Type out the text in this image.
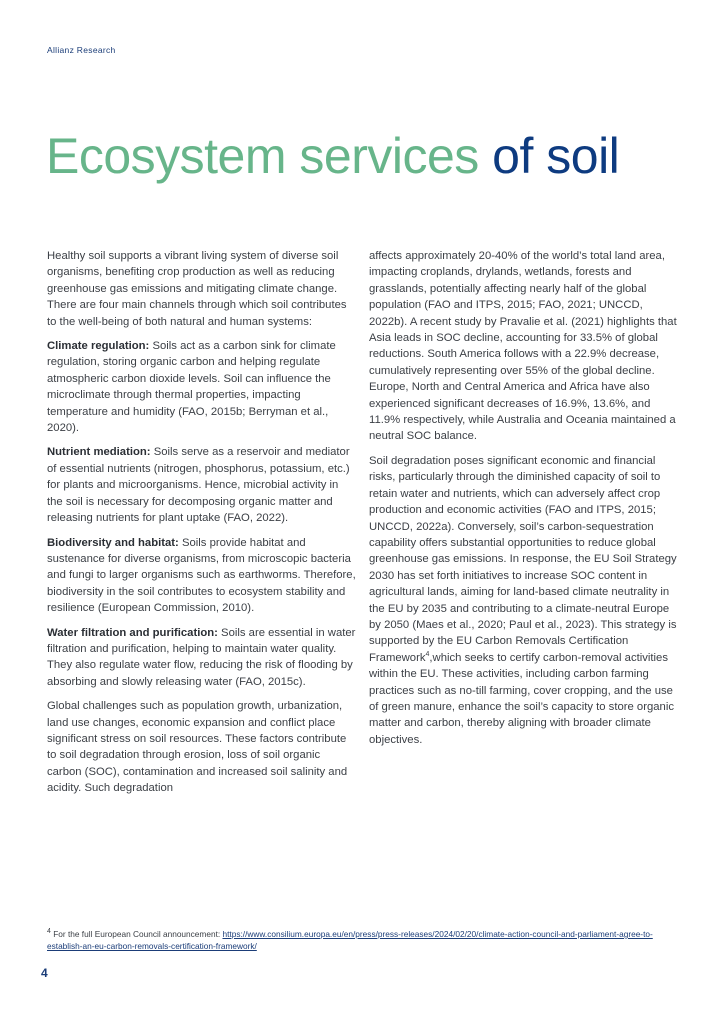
Allianz Research
Ecosystem services of soil

Healthy soil supports a vibrant living system of diverse soil organisms, benefiting crop production as well as reducing greenhouse gas emissions and mitigating climate change. There are four main channels through which soil contributes to the well-being of both natural and human systems:

Climate regulation: Soils act as a carbon sink for climate regulation, storing organic carbon and helping regulate atmospheric carbon dioxide levels. Soil can influence the microclimate through thermal properties, impacting temperature and humidity (FAO, 2015b; Berryman et al., 2020).

Nutrient mediation: Soils serve as a reservoir and mediator of essential nutrients (nitrogen, phosphorus, potassium, etc.) for plants and microorganisms. Hence, microbial activity in the soil is necessary for decomposing organic matter and releasing nutrients for plant uptake (FAO, 2022).

Biodiversity and habitat: Soils provide habitat and sustenance for diverse organisms, from microscopic bacteria and fungi to larger organisms such as earthworms. Therefore, biodiversity in the soil contributes to ecosystem stability and resilience (European Commission, 2010).

Water filtration and purification: Soils are essential in water filtration and purification, helping to maintain water quality. They also regulate water flow, reducing the risk of flooding by absorbing and slowly releasing water (FAO, 2015c).

Global challenges such as population growth, urbanization, land use changes, economic expansion and conflict place significant stress on soil resources. These factors contribute to soil degradation through erosion, loss of soil organic carbon (SOC), contamination and increased soil salinity and acidity. Such degradation

affects approximately 20-40% of the world’s total land area, impacting croplands, drylands, wetlands, forests and grasslands, potentially affecting nearly half of the global population (FAO and ITPS, 2015; FAO, 2021; UNCCD, 2022b). A recent study by Pravalie et al. (2021) highlights that Asia leads in SOC decline, accounting for 33.5% of global reductions. South America follows with a 22.9% decrease, cumulatively representing over 55% of the global decline. Europe, North and Central America and Africa have also experienced significant decreases of 16.9%, 13.6%, and 11.9% respectively, while Australia and Oceania maintained a neutral SOC balance.

Soil degradation poses significant economic and financial risks, particularly through the diminished capacity of soil to retain water and nutrients, which can adversely affect crop production and economic activities (FAO and ITPS, 2015; UNCCD, 2022a). Conversely, soil’s carbon-sequestration capability offers substantial opportunities to reduce global greenhouse gas emissions. In response, the EU Soil Strategy 2030 has set forth initiatives to increase SOC content in agricultural lands, aiming for land-based climate neutrality in the EU by 2035 and contributing to a climate-neutral Europe by 2050 (Maes et al., 2020; Paul et al., 2023). This strategy is supported by the EU Carbon Removals Certification Framework$^4$,which seeks to certify carbon-removal activities within the EU. These activities, including carbon farming practices such as no-till farming, cover cropping, and the use of green manure, enhance the soil’s capacity to store organic matter and carbon, thereby aligning with broader climate objectives.

$^4$ For the full European Council announcement: https://www.consilium.europa.eu/en/press/press-releases/2024/02/20/climate-action-council-and-parliament-agree-to-establish-an-eu-carbon-removals-certification-framework/
4
